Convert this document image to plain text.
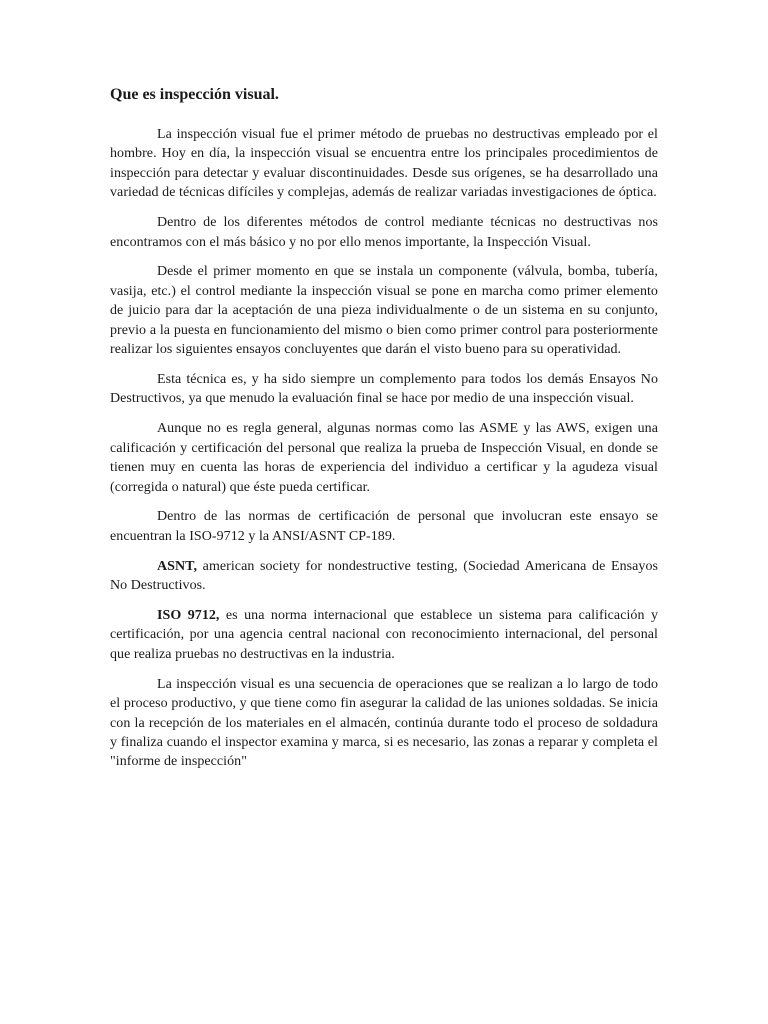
Que es inspección visual.

La inspección visual fue el primer método de pruebas no destructivas empleado por el hombre. Hoy en día, la inspección visual se encuentra entre los principales procedimientos de inspección para detectar y evaluar discontinuidades. Desde sus orígenes, se ha desarrollado una variedad de técnicas difíciles y complejas, además de realizar variadas investigaciones de óptica.

Dentro de los diferentes métodos de control mediante técnicas no destructivas nos encontramos con el más básico y no por ello menos importante, la Inspección Visual.

Desde el primer momento en que se instala un componente (válvula, bomba, tubería, vasija, etc.) el control mediante la inspección visual se pone en marcha como primer elemento de juicio para dar la aceptación de una pieza individualmente o de un sistema en su conjunto, previo a la puesta en funcionamiento del mismo o bien como primer control para posteriormente realizar los siguientes ensayos concluyentes que darán el visto bueno para su operatividad.

Esta técnica es, y ha sido siempre un complemento para todos los demás Ensayos No Destructivos, ya que menudo la evaluación final se hace por medio de una inspección visual.

Aunque no es regla general, algunas normas como las ASME y las AWS, exigen una calificación y certificación del personal que realiza la prueba de Inspección Visual, en donde se tienen muy en cuenta las horas de experiencia del individuo a certificar y la agudeza visual (corregida o natural) que éste pueda certificar.

Dentro de las normas de certificación de personal que involucran este ensayo se encuentran la ISO-9712 y la ANSI/ASNT CP-189.

ASNT, american society for nondestructive testing, (Sociedad Americana de Ensayos No Destructivos.

ISO 9712, es una norma internacional que establece un sistema para calificación y certificación, por una agencia central nacional con reconocimiento internacional, del personal que realiza pruebas no destructivas en la industria.

La inspección visual es una secuencia de operaciones que se realizan a lo largo de todo el proceso productivo, y que tiene como fin asegurar la calidad de las uniones soldadas. Se inicia con la recepción de los materiales en el almacén, continúa durante todo el proceso de soldadura y finaliza cuando el inspector examina y marca, si es necesario, las zonas a reparar y completa el "informe de inspección"
